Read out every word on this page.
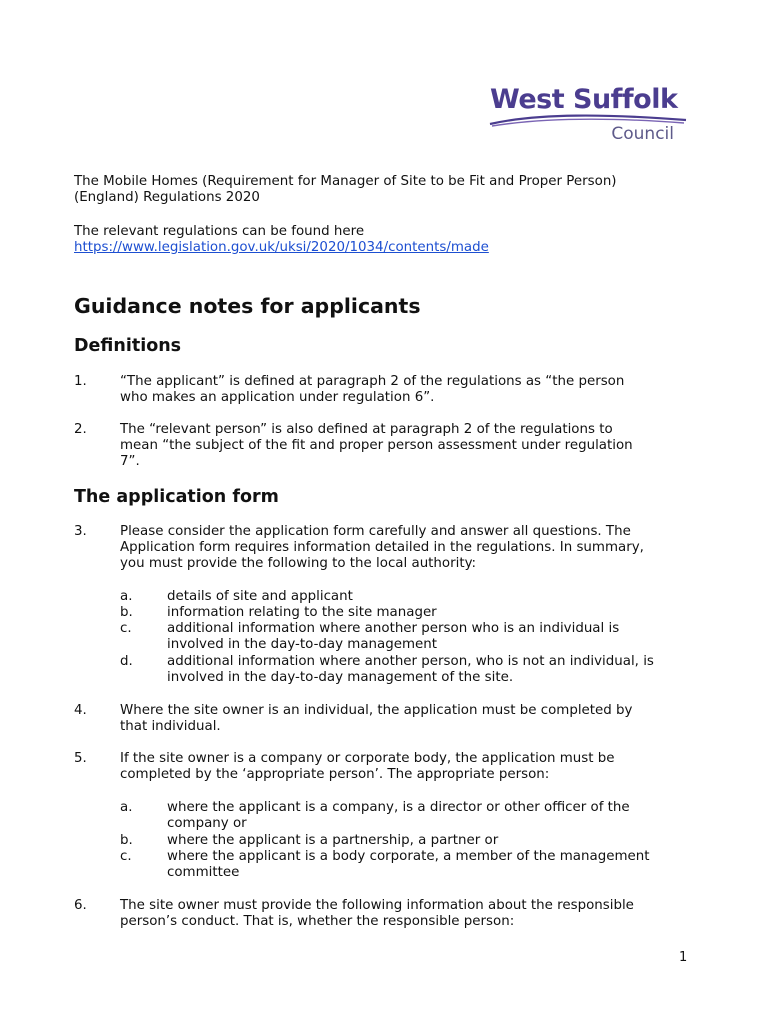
West Suffolk
Council

The Mobile Homes (Requirement for Manager of Site to be Fit and Proper Person)

(England) Regulations 2020

The relevant regulations can be found here

https://www.legislation.gov.uk/uksi/2020/1034/contents/made

Guidance notes for applicants
Definitions
The application form
1. “The applicant” is defined at paragraph 2 of the regulations as “the person
who makes an application under regulation 6”.
2. The “relevant person” is also defined at paragraph 2 of the regulations to
mean “the subject of the fit and proper person assessment under regulation
7”.
3. Please consider the application form carefully and answer all questions. The
Application form requires information detailed in the regulations. In summary,
you must provide the following to the local authority:
a.	details of site and applicant
b.	information relating to the site manager
c.	additional information where another person who is an individual is
involved in the day-to-day management
d.	additional information where another person, who is not an individual, is
involved in the day-to-day management of the site.
4. Where the site owner is an individual, the application must be completed by
that individual.
5. If the site owner is a company or corporate body, the application must be
completed by the ‘appropriate person’. The appropriate person:
a.	where the applicant is a company, is a director or other officer of the
company or
b.	where the applicant is a partnership, a partner or
c.	where the applicant is a body corporate, a member of the management
committee
6. The site owner must provide the following information about the responsible
person’s conduct. That is, whether the responsible person:
1
